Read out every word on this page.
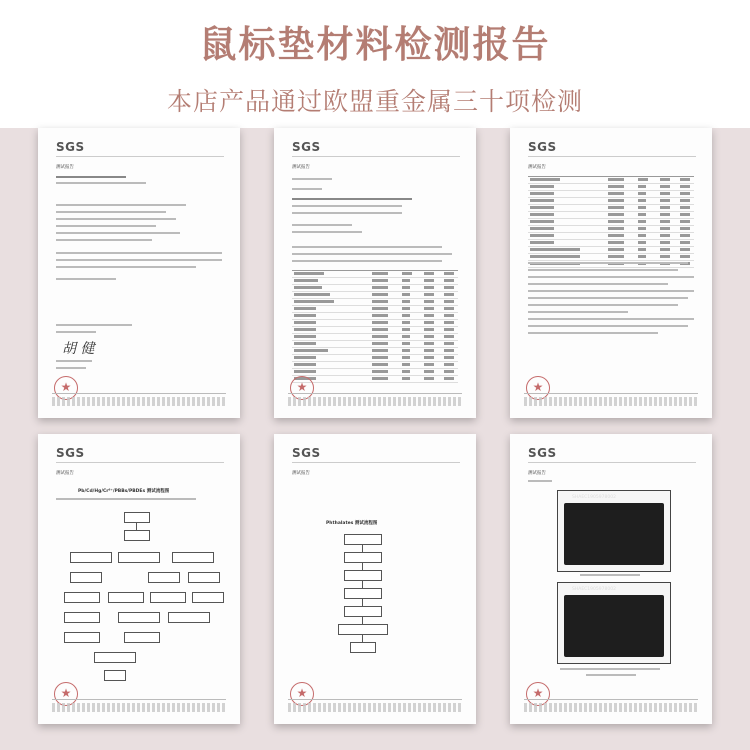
鼠标垫材料检测报告
本店产品通过欧盟重金属三十项检测
SGS
测试报告
胡 健
★
SGS
测试报告
★
SGS
测试报告
★
SGS
测试报告
Pb/Cd/Hg/Cr⁶⁺/PBBs/PBDEs 测试流程图
★
SGS
测试报告
Phthalates 测试流程图
★
SGS
测试报告
SHAEC1905978002
SHAEC1905978002
★
